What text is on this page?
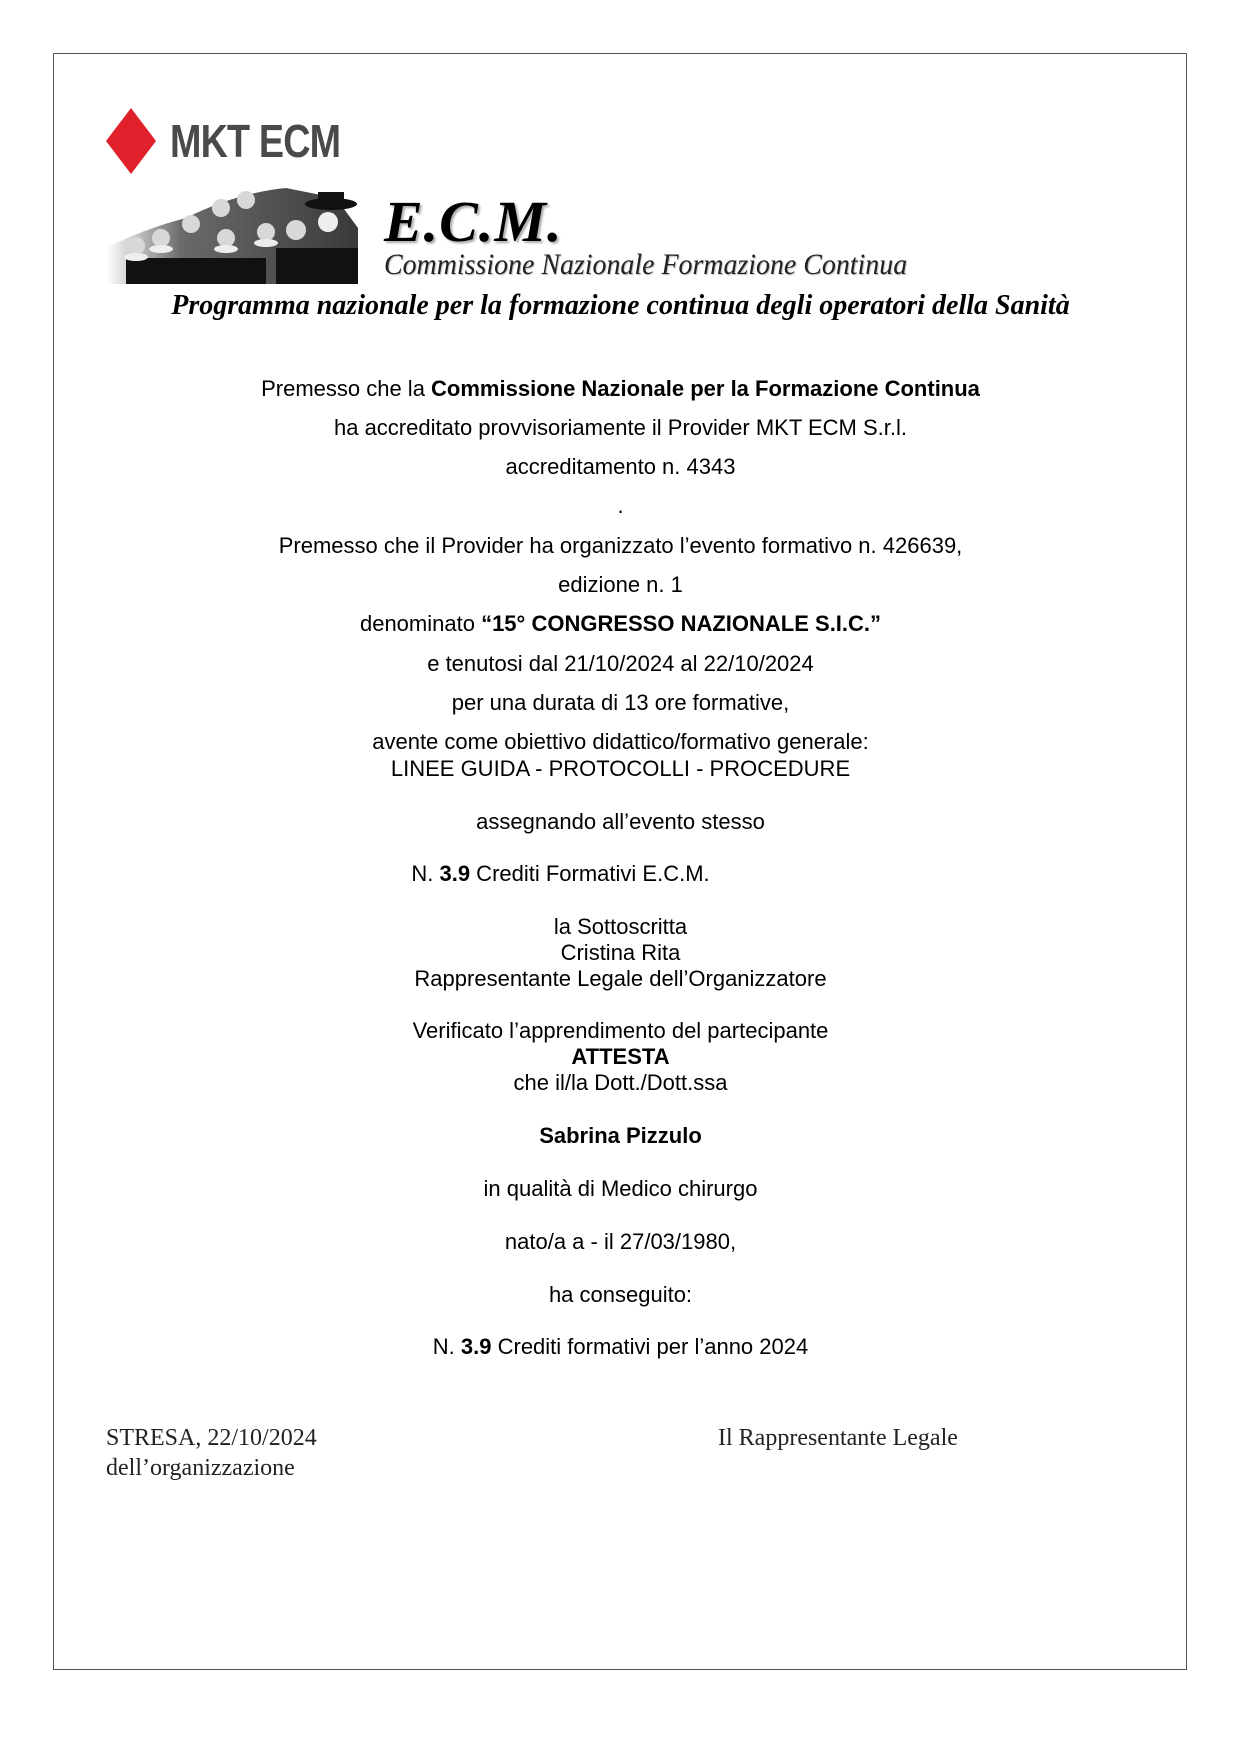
MKT ECM
E.C.M.
Commissione Nazionale Formazione Continua
Programma nazionale per la formazione continua degli operatori della Sanità
Premesso che la Commissione Nazionale per la Formazione Continua
ha accreditato provvisoriamente il Provider MKT ECM S.r.l.
accreditamento n. 4343
.
Premesso che il Provider ha organizzato l’evento formativo n. 426639,
edizione n. 1
denominato “15° CONGRESSO NAZIONALE S.I.C.”
e tenutosi dal 21/10/2024 al 22/10/2024
per una durata di 13 ore formative,
avente come obiettivo didattico/formativo generale:
LINEE GUIDA - PROTOCOLLI - PROCEDURE
assegnando all’evento stesso
N. 3.9 Crediti Formativi E.C.M.
la Sottoscritta
Cristina Rita
Rappresentante Legale dell’Organizzatore
Verificato l’apprendimento del partecipante
ATTESTA
che il/la Dott./Dott.ssa
Sabrina Pizzulo
in qualità di Medico chirurgo
nato/a a - il 27/03/1980,
ha conseguito:
N. 3.9 Crediti formativi per l’anno 2024
STRESA, 22/10/2024
dell’organizzazione
Il Rappresentante Legale
